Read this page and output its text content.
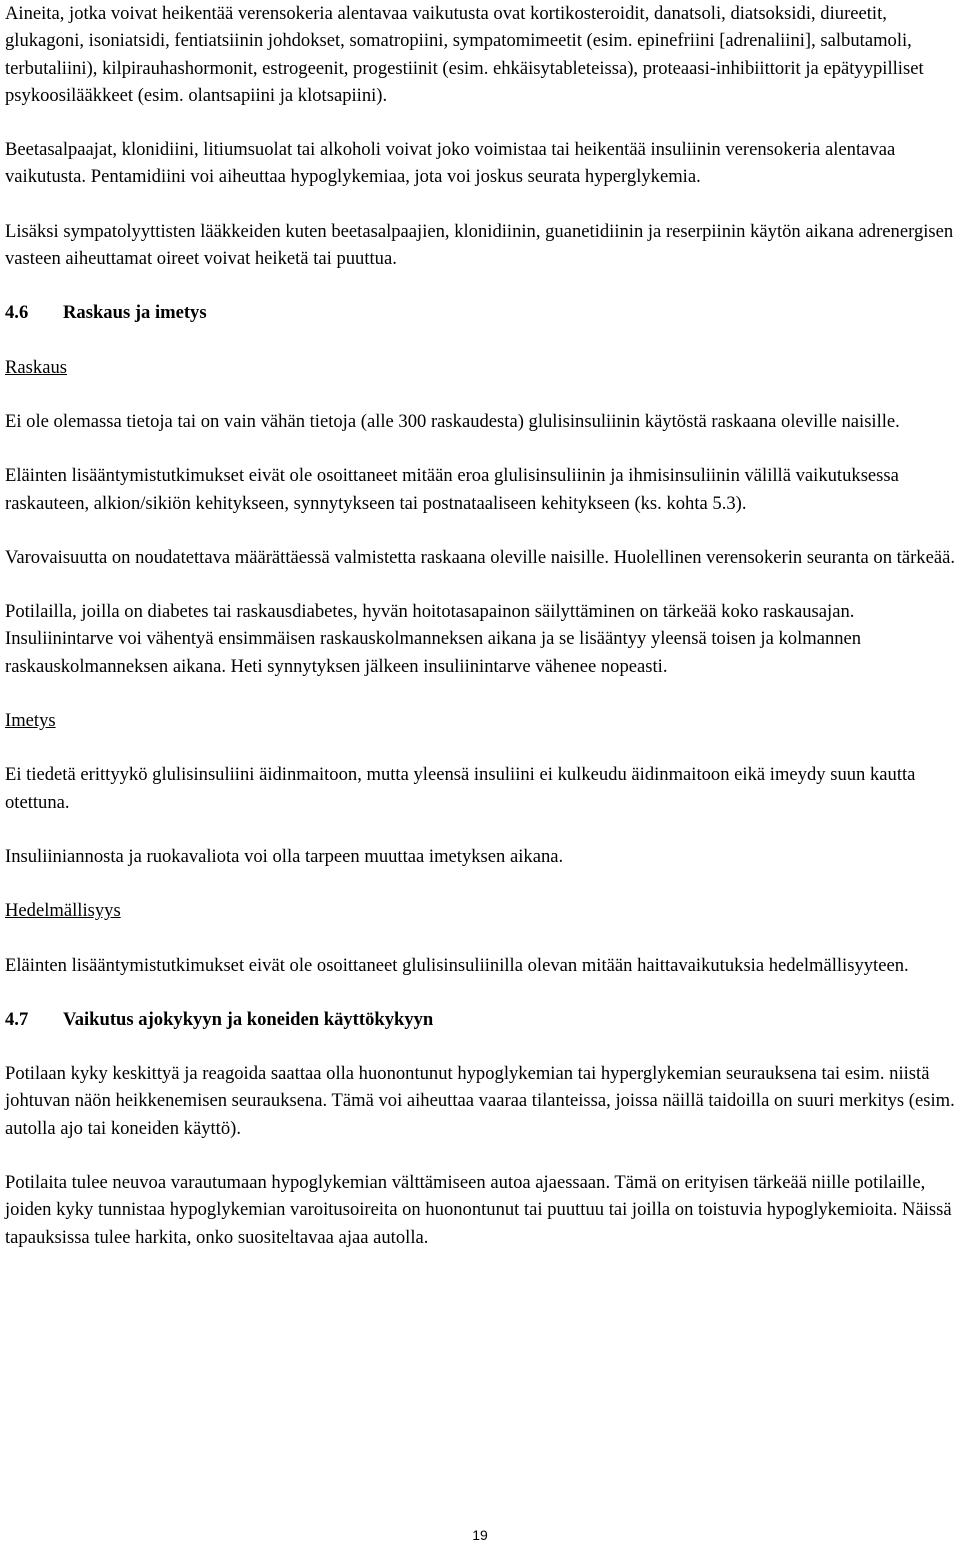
Aineita, jotka voivat heikentää verensokeria alentavaa vaikutusta ovat kortikosteroidit, danatsoli, diatsoksidi, diureetit, glukagoni, isoniatsidi, fentiatsiinin johdokset, somatropiini, sympatomimeetit (esim. epinefriini [adrenaliini], salbutamoli, terbutaliini), kilpirauhashormonit, estrogeenit, progestiinit (esim. ehkäisytableteissa), proteaasi-inhibiittorit ja epätyypilliset psykoosilääkkeet (esim. olantsapiini ja klotsapiini).

Beetasalpaajat, klonidiini, litiumsuolat tai alkoholi voivat joko voimistaa tai heikentää insuliinin verensokeria alentavaa vaikutusta. Pentamidiini voi aiheuttaa hypoglykemiaa, jota voi joskus seurata hyperglykemia.

Lisäksi sympatolyyttisten lääkkeiden kuten beetasalpaajien, klonidiinin, guanetidiinin ja reserpiinin käytön aikana adrenergisen vasteen aiheuttamat oireet voivat heiketä tai puuttua.

4.6 Raskaus ja imetys

Raskaus

Ei ole olemassa tietoja tai on vain vähän tietoja (alle 300 raskaudesta) glulisinsuliinin käytöstä raskaana oleville naisille.

Eläinten lisääntymistutkimukset eivät ole osoittaneet mitään eroa glulisinsuliinin ja ihmisinsuliinin välillä vaikutuksessa raskauteen, alkion/sikiön kehitykseen, synnytykseen tai postnataaliseen kehitykseen (ks. kohta 5.3).

Varovaisuutta on noudatettava määrättäessä valmistetta raskaana oleville naisille. Huolellinen verensokerin seuranta on tärkeää.

Potilailla, joilla on diabetes tai raskausdiabetes, hyvän hoitotasapainon säilyttäminen on tärkeää koko raskausajan. Insuliinintarve voi vähentyä ensimmäisen raskauskolmanneksen aikana ja se lisääntyy yleensä toisen ja kolmannen raskauskolmanneksen aikana. Heti synnytyksen jälkeen insuliinintarve vähenee nopeasti.

Imetys

Ei tiedetä erittyykö glulisinsuliini äidinmaitoon, mutta yleensä insuliini ei kulkeudu äidinmaitoon eikä imeydy suun kautta otettuna.

Insuliiniannosta ja ruokavaliota voi olla tarpeen muuttaa imetyksen aikana.

Hedelmällisyys

Eläinten lisääntymistutkimukset eivät ole osoittaneet glulisinsuliinilla olevan mitään haittavaikutuksia hedelmällisyyteen.

4.7 Vaikutus ajokykyyn ja koneiden käyttökykyyn

Potilaan kyky keskittyä ja reagoida saattaa olla huonontunut hypoglykemian tai hyperglykemian seurauksena tai esim. niistä johtuvan näön heikkenemisen seurauksena. Tämä voi aiheuttaa vaaraa tilanteissa, joissa näillä taidoilla on suuri merkitys (esim. autolla ajo tai koneiden käyttö).

Potilaita tulee neuvoa varautumaan hypoglykemian välttämiseen autoa ajaessaan. Tämä on erityisen tärkeää niille potilaille, joiden kyky tunnistaa hypoglykemian varoitusoireita on huonontunut tai puuttuu tai joilla on toistuvia hypoglykemioita. Näissä tapauksissa tulee harkita, onko suositeltavaa ajaa autolla.

19
